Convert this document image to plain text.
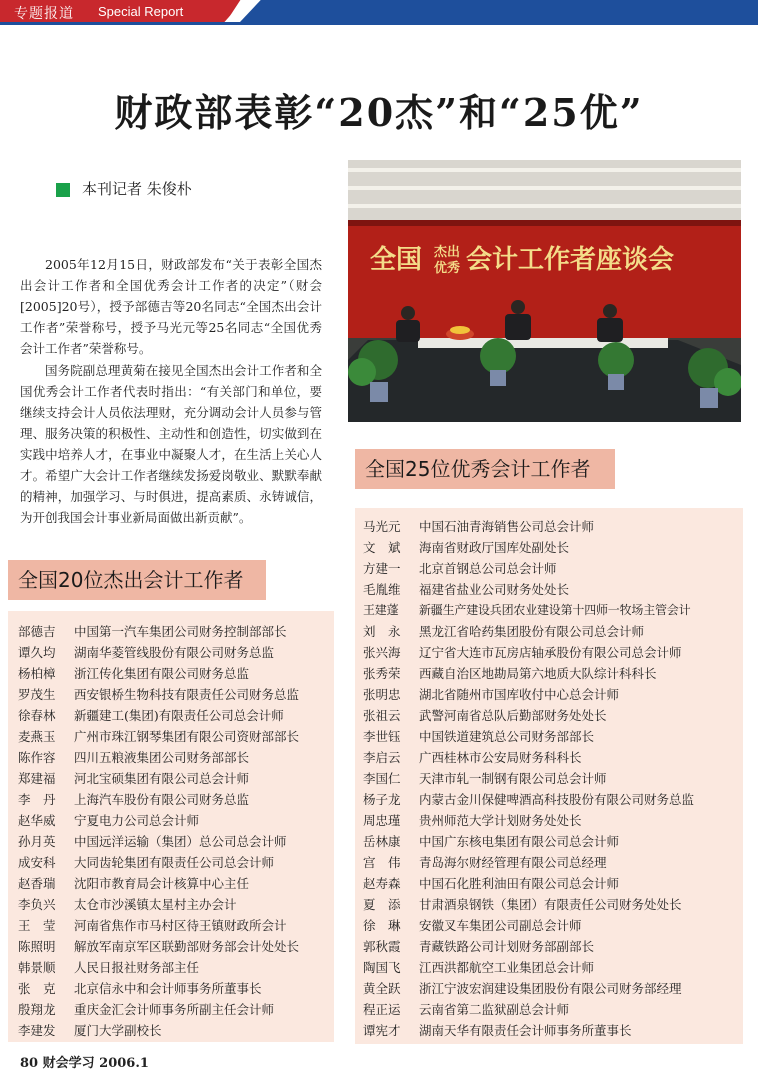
专题报道 Special Report
财政部表彰“20杰”和“25优”
本刊记者 朱俊朴

2005年12月15日，财政部发布“关于表彰全国杰出会计工作者和全国优秀会计工作者的决定”（财会[2005]20号），授予部德吉等20名同志“全国杰出会计工作者”荣誉称号，授予马光元等25名同志“全国优秀会计工作者”荣誉称号。

国务院副总理黄菊在接见全国杰出会计工作者和全国优秀会计工作者代表时指出：“有关部门和单位，要继续支持会计人员依法理财，充分调动会计人员参与管理、服务决策的积极性、主动性和创造性，切实做到在实践中培养人才，在事业中凝聚人才，在生活上关心人才。希望广大会计工作者继续发扬爱岗敬业、默默奉献的精神，加强学习、与时俱进，提高素质、永铸诚信，为开创我国会计事业新局面做出新贡献”。

全国 杰出
优秀 会计工作者座谈会
全国20位杰出会计工作者
部德吉	中国第一汽车集团公司财务控制部部长
谭久均	湖南华菱管线股份有限公司财务总监
杨柏樟	浙江传化集团有限公司财务总监
罗茂生	西安银桥生物科技有限责任公司财务总监
徐春林	新疆建工(集团)有限责任公司总会计师
麦燕玉	广州市珠江钢琴集团有限公司资财部部长
陈作容	四川五粮液集团公司财务部部长
郑建福	河北宝硕集团有限公司总会计师
李　丹	上海汽车股份有限公司财务总监
赵华威	宁夏电力公司总会计师
孙月英	中国远洋运输（集团）总公司总会计师
成安科	大同齿轮集团有限责任公司总会计师
赵香瑞	沈阳市教育局会计核算中心主任
李负兴	太仓市沙溪镇太星村主办会计
王　莹	河南省焦作市马村区待王镇财政所会计
陈照明	解放军南京军区联勤部财务部会计处处长
韩景顺	人民日报社财务部主任
张　克	北京信永中和会计师事务所董事长
殷翔龙	重庆金汇会计师事务所副主任会计师
李建发	厦门大学副校长
全国25位优秀会计工作者
马光元	中国石油青海销售公司总会计师
文　斌	海南省财政厅国库处副处长
方建一	北京首钢总公司总会计师
毛胤维	福建省盐业公司财务处处长
王建蓬	新疆生产建设兵团农业建设第十四师一牧场主管会计
刘　永	黑龙江省哈药集团股份有限公司总会计师
张兴海	辽宁省大连市瓦房店轴承股份有限公司总会计师
张秀荣	西藏自治区地勘局第六地质大队综计科科长
张明忠	湖北省随州市国库收付中心总会计师
张祖云	武警河南省总队后勤部财务处处长
李世钰	中国铁道建筑总公司财务部部长
李启云	广西桂林市公安局财务科科长
李国仁	天津市轧一制钢有限公司总会计师
杨子龙	内蒙古金川保健啤酒高科技股份有限公司财务总监
周忠瑾	贵州师范大学计划财务处处长
岳林康	中国广东核电集团有限公司总会计师
宫　伟	青岛海尔财经管理有限公司总经理
赵寿森	中国石化胜利油田有限公司总会计师
夏　添	甘肃酒泉钢铁（集团）有限责任公司财务处处长
徐　琳	安徽叉车集团公司副总会计师
郭秋霞	青藏铁路公司计划财务部副部长
陶国飞	江西洪都航空工业集团总会计师
黄全跃	浙江宁波宏润建设集团股份有限公司财务部经理
程正运	云南省第二监狱副总会计师
谭宪才	湖南天华有限责任会计师事务所董事长
80 财会学习 2006.1
